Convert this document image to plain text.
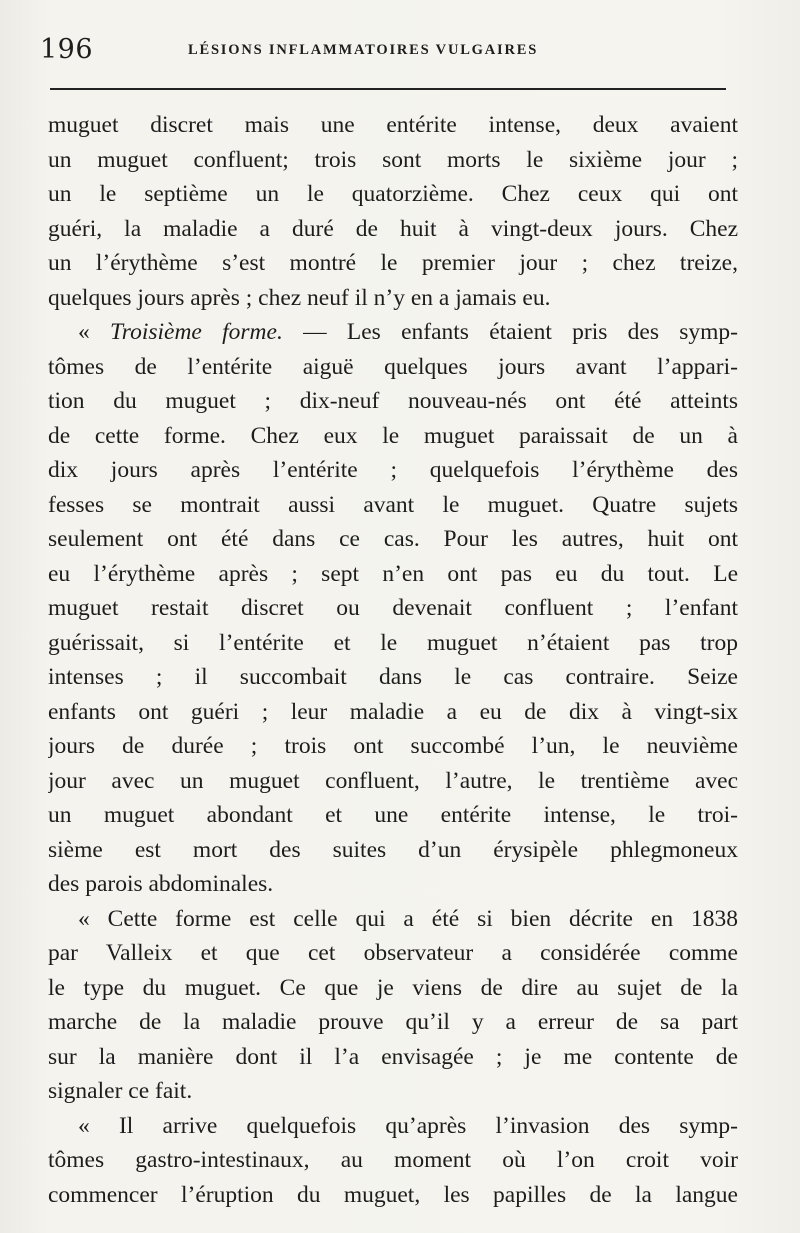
196	LÉSIONS INFLAMMATOIRES VULGAIRES
muguet discret mais une entérite intense, deux avaient
un muguet confluent; trois sont morts le sixième jour ;
un le septième un le quatorzième. Chez ceux qui ont
guéri, la maladie a duré de huit à vingt-deux jours. Chez
un l’érythème s’est montré le premier jour ; chez treize,
quelques jours après ; chez neuf il n’y en a jamais eu.
« Troisième forme. — Les enfants étaient pris des symp-
tômes de l’entérite aiguë quelques jours avant l’appari-
tion du muguet ; dix-neuf nouveau-nés ont été atteints
de cette forme. Chez eux le muguet paraissait de un à
dix jours après l’entérite ; quelquefois l’érythème des
fesses se montrait aussi avant le muguet. Quatre sujets
seulement ont été dans ce cas. Pour les autres, huit ont
eu l’érythème après ; sept n’en ont pas eu du tout. Le
muguet restait discret ou devenait confluent ; l’enfant
guérissait, si l’entérite et le muguet n’étaient pas trop
intenses ; il succombait dans le cas contraire. Seize
enfants ont guéri ; leur maladie a eu de dix à vingt-six
jours de durée ; trois ont succombé l’un, le neuvième
jour avec un muguet confluent, l’autre, le trentième avec
un muguet abondant et une entérite intense, le troi-
sième est mort des suites d’un érysipèle phlegmoneux
des parois abdominales.
« Cette forme est celle qui a été si bien décrite en 1838
par Valleix et que cet observateur a considérée comme
le type du muguet. Ce que je viens de dire au sujet de la
marche de la maladie prouve qu’il y a erreur de sa part
sur la manière dont il l’a envisagée ; je me contente de
signaler ce fait.
« Il arrive quelquefois qu’après l’invasion des symp-
tômes gastro-intestinaux, au moment où l’on croit voir
commencer l’éruption du muguet, les papilles de la langue
